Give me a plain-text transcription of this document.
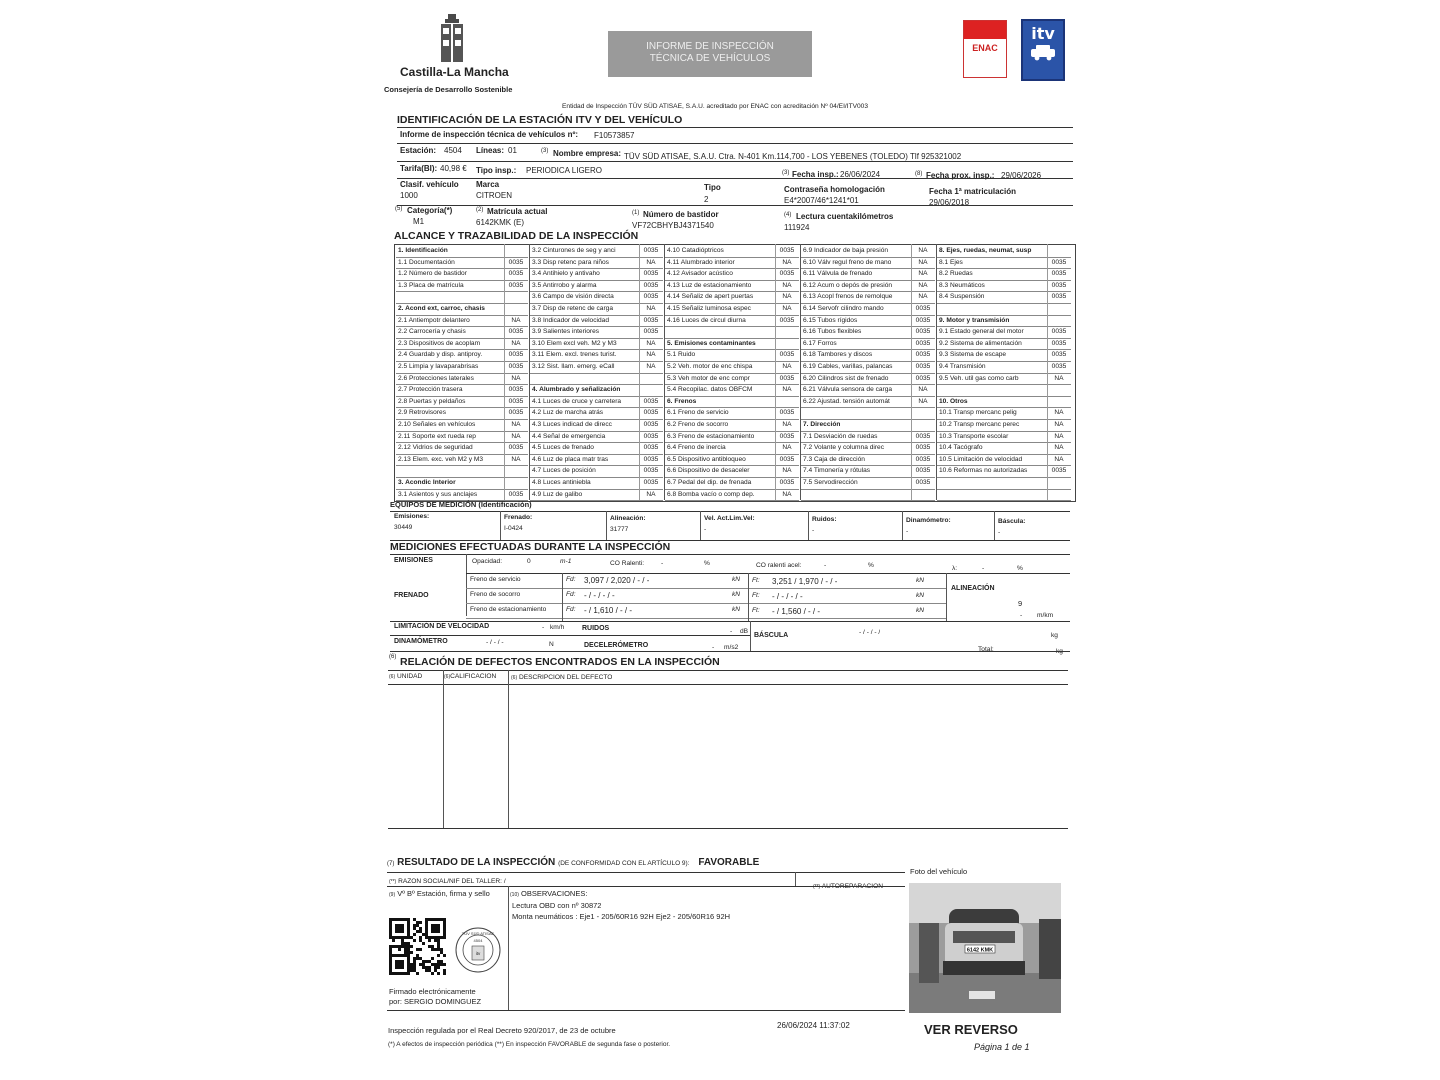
Castilla-La Mancha
Consejería de Desarrollo Sostenible
INFORME DE INSPECCIÓN
TÉCNICA DE VEHÍCULOS
ENAC
itv
Entidad de Inspección TÜV SÜD ATISAE, S.A.U. acreditado por ENAC con acreditación Nº 04/EI/ITV003
IDENTIFICACIÓN DE LA ESTACIÓN ITV Y DEL VEHÍCULO
Informe de inspección técnica de vehículos nº: F10573857
Estación: 4504 Líneas: 01	(3) Nombre empresa: TÜV SÜD ATISAE, S.A.U. Ctra. N-401 Km.114,700 - LOS YEBENES (TOLEDO) Tlf 925321002
Tarifa(BI): 40,98 € Tipo insp.: PERIODICA LIGERO	(3) Fecha insp.: 26/06/2024	(8) Fecha prox. insp.: 29/06/2026
Clasif. vehículo
1000
Marca
CITROEN
Tipo
2
Contraseña homologación
E4*2007/46*1241*01
Fecha 1ª matriculación
29/06/2018
(5) Categoría(*)
M1
(2) Matrícula actual
6142KMK (E)
(1) Número de bastidor
VF72CBHYBJ4371540
(4) Lectura cuentakilómetros
111924
ALCANCE Y TRAZABILIDAD DE LA INSPECCIÓN
1. Identificación
1.1 Documentación	0035
1.2 Número de bastidor	0035
1.3 Placa de matrícula	0035
2. Acond ext, carroc, chasis
2.1 Antiempotr delantero	NA
2.2 Carrocería y chasis	0035
2.3 Dispositivos de acoplam	NA
2.4 Guardab y disp. antiproy.	0035
2.5 Limpia y lavaparabrisas	0035
2.6 Protecciones laterales	NA
2.7 Protección trasera	0035
2.8 Puertas y peldaños	0035
2.9 Retrovisores	0035
2.10 Señales en vehículos	NA
2.11 Soporte ext rueda rep	NA
2.12 Vidrios de seguridad	0035
2.13 Elem. exc. veh M2 y M3	NA
3. Acondic Interior
3.1 Asientos y sus anclajes	0035
3.2 Cinturones de seg y anci	0035
3.3 Disp retenc para niños	NA
3.4 Antihielo y antivaho	0035
3.5 Antirrobo y alarma	0035
3.6 Campo de visión directa	0035
3.7 Disp de retenc de carga	NA
3.8 Indicador de velocidad	0035
3.9 Salientes interiores	0035
3.10 Elem excl veh. M2 y M3	NA
3.11 Elem. excl. trenes turist.	NA
3.12 Sist. llam. emerg. eCall	NA
4. Alumbrado y señalización
4.1 Luces de cruce y carretera	0035
4.2 Luz de marcha atrás	0035
4.3 Luces indicad de direcc	0035
4.4 Señal de emergencia	0035
4.5 Luces de frenado	0035
4.6 Luz de placa matr tras	0035
4.7 Luces de posición	0035
4.8 Luces antiniebla	0035
4.9 Luz de galibo	NA
4.10 Catadióptricos	0035
4.11 Alumbrado interior	NA
4.12 Avisador acústico	0035
4.13 Luz de estacionamiento	NA
4.14 Señaliz de apert puertas	NA
4.15 Señaliz luminosa espec	NA
4.16 Luces de circul diurna	0035
5. Emisiones contaminantes
5.1 Ruido	0035
5.2 Veh. motor de enc chispa	NA
5.3 Veh motor de enc compr	0035
5.4 Recopilac. datos OBFCM	NA
6. Frenos
6.1 Freno de servicio	0035
6.2 Freno de socorro	NA
6.3 Freno de estacionamiento	0035
6.4 Freno de inercia	NA
6.5 Dispositivo antibloqueo	0035
6.6 Dispositivo de desaceler	NA
6.7 Pedal del dip. de frenada	0035
6.8 Bomba vacío o comp dep.	NA
6.9 Indicador de baja presión	NA
6.10 Válv regul freno de mano	NA
6.11 Válvula de frenado	NA
6.12 Acum o depós de presión	NA
6.13 Acopl frenos de remolque	NA
6.14 Servofr cilindro mando	0035
6.15 Tubos rígidos	0035
6.16 Tubos flexibles	0035
6.17 Forros	0035
6.18 Tambores y discos	0035
6.19 Cables, varillas, palancas	0035
6.20 Cilindros sist de frenado	0035
6.21 Válvula sensora de carga	NA
6.22 Ajustad. tensión automát	NA
7. Dirección
7.1 Desviación de ruedas	0035
7.2 Volante y columna direc	0035
7.3 Caja de dirección	0035
7.4 Timonería y rótulas	0035
7.5 Servodirección	0035
8. Ejes, ruedas, neumat, susp
8.1 Ejes	0035
8.2 Ruedas	0035
8.3 Neumáticos	0035
8.4 Suspensión	0035
9. Motor y transmisión
9.1 Estado general del motor	0035
9.2 Sistema de alimentación	0035
9.3 Sistema de escape	0035
9.4 Transmisión	0035
9.5 Veh. util gas como carb	NA
10. Otros
10.1 Transp mercanc pelig	NA
10.2 Transp mercanc perec	NA
10.3 Transporte escolar	NA
10.4 Tacógrafo	NA
10.5 Limitación de velocidad	NA
10.6 Reformas no autorizadas	0035
EQUIPOS DE MEDICIÓN (Identificación)
Emisiones:
30449
Frenado:
I-0424
Alineación:
31777
Vel. Act.Lim.Vel:
-
Ruidos:
-
Dinamómetro:
-
Báscula:
-
MEDICIONES EFECTUADAS DURANTE LA INSPECCIÓN
EMISIONES	Opacidad:	0	m-1	CO Ralenti:	-	%	CO ralenti acel:	-	%	λ:	-	%
FRENADO
Freno de servicio	Fd: 3,097 / 2,020 / - / -	kN Ft: 3,251 / 1,970 / - / -	kN
Freno de socorro	Fd: - / - / - / -	kN Ft: - / - / - / -	kN
Freno de estacionamiento	Fd: - / 1,610 / - / -	kN Ft: - / 1,560 / - / -	kN
ALINEACIÓN
9
- m/km
LIMITACIÓN DE VELOCIDAD	- km/h	RUIDOS	- dB
DINAMÓMETRO	- / - / -	N	DECELERÓMETRO	- m/s2
BÁSCULA	- / - / - /	kg
Total:	- kg
(6) RELACIÓN DE DEFECTOS ENCONTRADOS EN LA INSPECCIÓN
(6) UNIDAD	(6)CALIFICACIÓN	(6) DESCRIPCIÓN DEL DEFECTO
(7) RESULTADO DE LA INSPECCIÓN (DE CONFORMIDAD CON EL ARTÍCULO 9): FAVORABLE
Foto del vehículo
(**) RAZÓN SOCIAL/NIF DEL TALLER: /
(**) AUTOREPARACIÓN
(9) Vº Bº Estación, firma y sello	(10) OBSERVACIONES:
Lectura OBD con nº 30872
Monta neumáticos : Eje1 - 205/60R16 92H Eje2 - 205/60R16 92H
TÜV SÜD ATISAE
4504
itv
Firmado electrónicamente
por: SERGIO DOMINGUEZ
6142 KMK
Inspección regulada por el Real Decreto 920/2017, de 23 de octubre
(*) A efectos de inspección periódica (**) En inspección FAVORABLE de segunda fase o posterior.
26/06/2024 11:37:02	VER REVERSO
Página 1 de 1
